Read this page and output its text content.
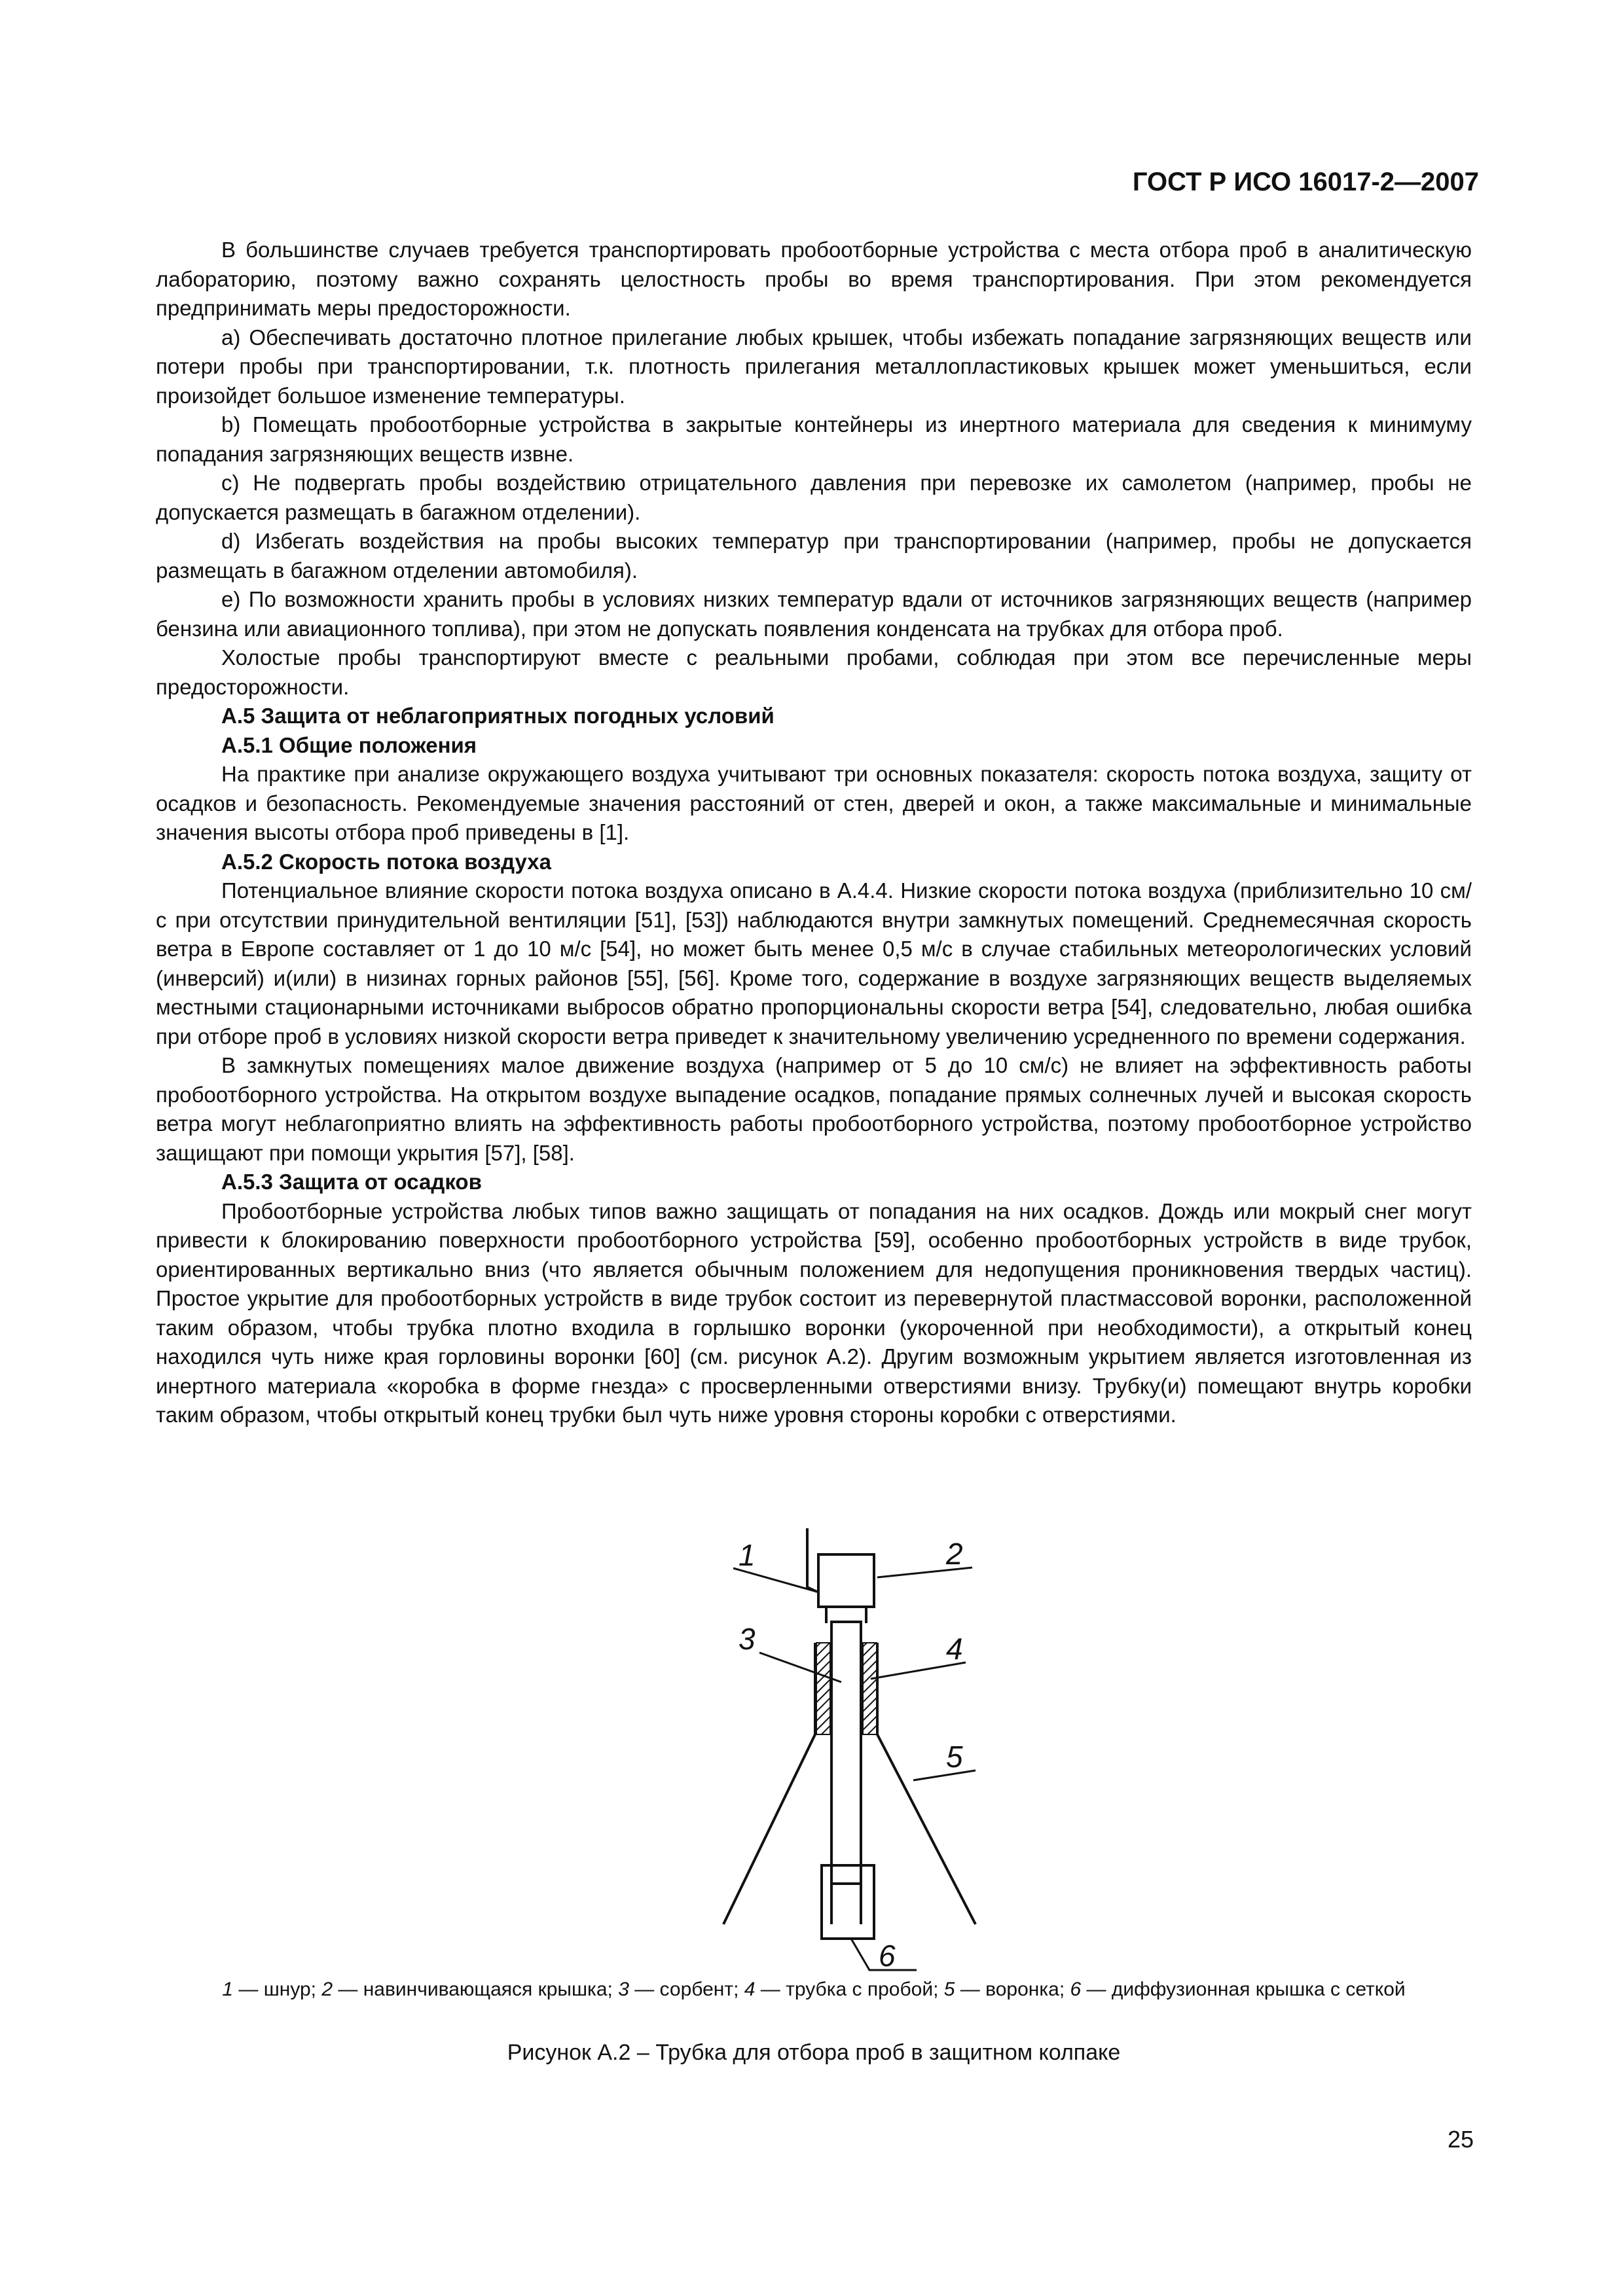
ГОСТ Р ИСО 16017-2—2007

В большинстве случаев требуется транспортировать пробоотборные устройства с места отбора проб в аналитическую лабораторию, поэтому важно сохранять целостность пробы во время транспортирования. При этом рекомендуется предпринимать меры предосторожности.

a) Обеспечивать достаточно плотное прилегание любых крышек, чтобы избежать попадание загрязняющих веществ или потери пробы при транспортировании, т.к. плотность прилегания металлопластиковых крышек может уменьшиться, если произойдет большое изменение температуры.

b) Помещать пробоотборные устройства в закрытые контейнеры из инертного материала для сведения к минимуму попадания загрязняющих веществ извне.

c) Не подвергать пробы воздействию отрицательного давления при перевозке их самолетом (например, пробы не допускается размещать в багажном отделении).

d) Избегать воздействия на пробы высоких температур при транспортировании (например, пробы не допускается размещать в багажном отделении автомобиля).

e) По возможности хранить пробы в условиях низких температур вдали от источников загрязняющих веществ (например бензина или авиационного топлива), при этом не допускать появления конденсата на трубках для отбора проб.

Холостые пробы транспортируют вместе с реальными пробами, соблюдая при этом все перечисленные меры предосторожности.

А.5 Защита от неблагоприятных погодных условий

А.5.1 Общие положения

На практике при анализе окружающего воздуха учитывают три основных показателя: скорость потока воздуха, защиту от осадков и безопасность. Рекомендуемые значения расстояний от стен, дверей и окон, а также максимальные и минимальные значения высоты отбора проб приведены в [1].

А.5.2 Скорость потока воздуха

Потенциальное влияние скорости потока воздуха описано в А.4.4. Низкие скорости потока воздуха (приблизительно 10 см/с при отсутствии принудительной вентиляции [51], [53]) наблюдаются внутри замкнутых помещений. Среднемесячная скорость ветра в Европе составляет от 1 до 10 м/с [54], но может быть менее 0,5 м/с в случае стабильных метеорологических условий (инверсий) и(или) в низинах горных районов [55], [56]. Кроме того, содержание в воздухе загрязняющих веществ выделяемых местными стационарными источниками выбросов обратно пропорциональны скорости ветра [54], следовательно, любая ошибка при отборе проб в условиях низкой скорости ветра приведет к значительному увеличению усредненного по времени содержания.

В замкнутых помещениях малое движение воздуха (например от 5 до 10 см/с) не влияет на эффективность работы пробоотборного устройства. На открытом воздухе выпадение осадков, попадание прямых солнечных лучей и высокая скорость ветра могут неблагоприятно влиять на эффективность работы пробоотборного устройства, поэтому пробоотборное устройство защищают при помощи укрытия [57], [58].

А.5.3 Защита от осадков

Пробоотборные устройства любых типов важно защищать от попадания на них осадков. Дождь или мокрый снег могут привести к блокированию поверхности пробоотборного устройства [59], особенно пробоотборных устройств в виде трубок, ориентированных вертикально вниз (что является обычным положением для недопущения проникновения твердых частиц). Простое укрытие для пробоотборных устройств в виде трубок состоит из перевернутой пластмассовой воронки, расположенной таким образом, чтобы трубка плотно входила в горлышко воронки (укороченной при необходимости), а открытый конец находился чуть ниже края горловины воронки [60] (см. рисунок А.2). Другим возможным укрытием является изготовленная из инертного материала «коробка в форме гнезда» с просверленными отверстиями внизу. Трубку(и) помещают внутрь коробки таким образом, чтобы открытый конец трубки был чуть ниже уровня стороны коробки с отверстиями.

1	2
3	4
5
6
1 — шнур; 2 — навинчивающаяся крышка; 3 — сорбент; 4 — трубка с пробой; 5 — воронка; 6 — диффузионная крышка с сеткой
Рисунок А.2 – Трубка для отбора проб в защитном колпаке
25
